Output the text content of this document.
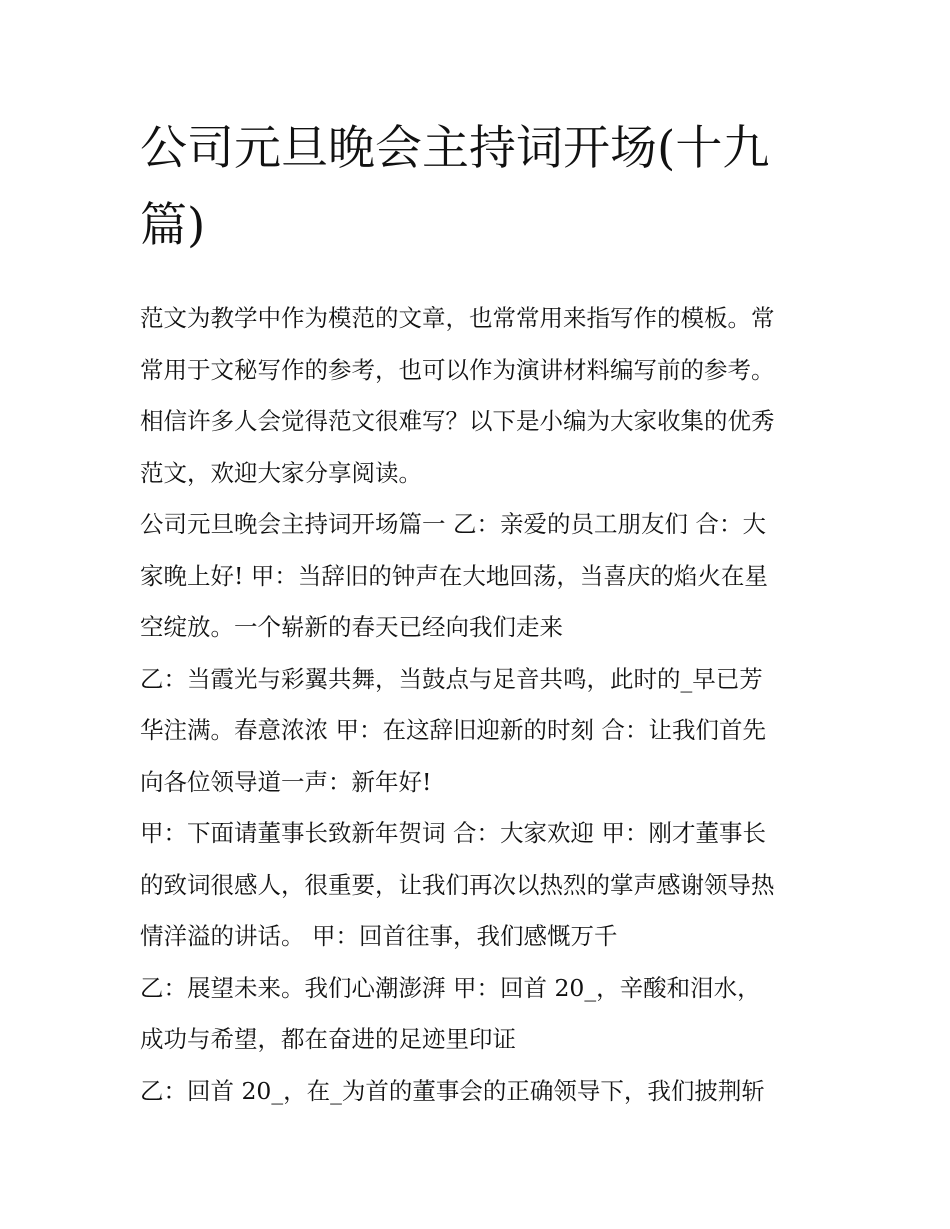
公司元旦晚会主持词开场(十九
篇)

范文为教学中作为模范的文章，也常常用来指写作的模板。常
常用于文秘写作的参考，也可以作为演讲材料编写前的参考。
相信许多人会觉得范文很难写？以下是小编为大家收集的优秀
范文，欢迎大家分享阅读。

公司元旦晚会主持词开场篇一 乙：亲爱的员工朋友们 合：大
家晚上好! 甲：当辞旧的钟声在大地回荡，当喜庆的焰火在星
空绽放。一个崭新的春天已经向我们走来

乙：当霞光与彩翼共舞，当鼓点与足音共鸣，此时的_早已芳
华注满。春意浓浓 甲：在这辞旧迎新的时刻 合：让我们首先
向各位领导道一声：新年好!

甲：下面请董事长致新年贺词 合：大家欢迎 甲：刚才董事长
的致词很感人，很重要，让我们再次以热烈的掌声感谢领导热
情洋溢的讲话。 甲：回首往事，我们感慨万千

乙：展望未来。我们心潮澎湃 甲：回首 20_，辛酸和泪水，
成功与希望，都在奋进的足迹里印证

乙：回首 20_，在_为首的董事会的正确领导下，我们披荆斩
